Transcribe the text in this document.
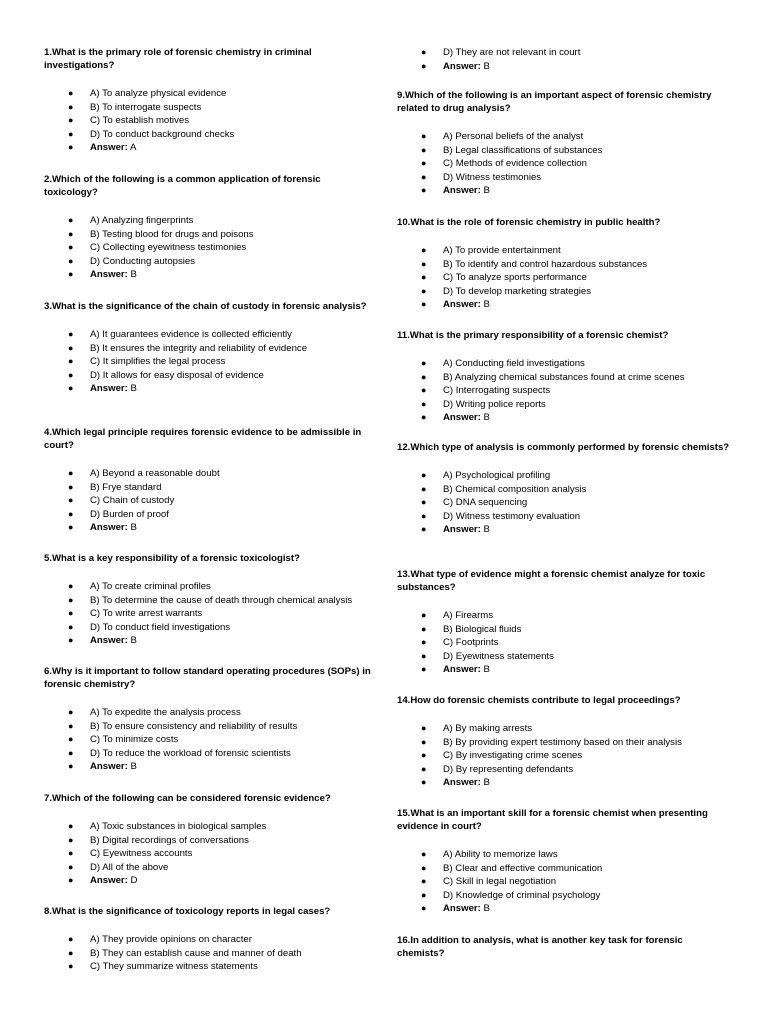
1.What is the primary role of forensic chemistry in criminal investigations?
● A) To analyze physical evidence
● B) To interrogate suspects
● C) To establish motives
● D) To conduct background checks
● Answer: A
2.Which of the following is a common application of forensic toxicology?
● A) Analyzing fingerprints
● B) Testing blood for drugs and poisons
● C) Collecting eyewitness testimonies
● D) Conducting autopsies
● Answer: B
3.What is the significance of the chain of custody in forensic analysis?
● A) It guarantees evidence is collected efficiently
● B) It ensures the integrity and reliability of evidence
● C) It simplifies the legal process
● D) It allows for easy disposal of evidence
● Answer: B
4.Which legal principle requires forensic evidence to be admissible in court?
● A) Beyond a reasonable doubt
● B) Frye standard
● C) Chain of custody
● D) Burden of proof
● Answer: B
5.What is a key responsibility of a forensic toxicologist?
● A) To create criminal profiles
● B) To determine the cause of death through chemical analysis
● C) To write arrest warrants
● D) To conduct field investigations
● Answer: B
6.Why is it important to follow standard operating procedures (SOPs) in forensic chemistry?
● A) To expedite the analysis process
● B) To ensure consistency and reliability of results
● C) To minimize costs
● D) To reduce the workload of forensic scientists
● Answer: B
7.Which of the following can be considered forensic evidence?
● A) Toxic substances in biological samples
● B) Digital recordings of conversations
● C) Eyewitness accounts
● D) All of the above
● Answer: D
8.What is the significance of toxicology reports in legal cases?
● A) They provide opinions on character
● B) They can establish cause and manner of death
● C) They summarize witness statements
● D) They are not relevant in court
● Answer: B
9.Which of the following is an important aspect of forensic chemistry related to drug analysis?
● A) Personal beliefs of the analyst
● B) Legal classifications of substances
● C) Methods of evidence collection
● D) Witness testimonies
● Answer: B
10.What is the role of forensic chemistry in public health?
● A) To provide entertainment
● B) To identify and control hazardous substances
● C) To analyze sports performance
● D) To develop marketing strategies
● Answer: B
11.What is the primary responsibility of a forensic chemist?
● A) Conducting field investigations
● B) Analyzing chemical substances found at crime scenes
● C) Interrogating suspects
● D) Writing police reports
● Answer: B
12.Which type of analysis is commonly performed by forensic chemists?
● A) Psychological profiling
● B) Chemical composition analysis
● C) DNA sequencing
● D) Witness testimony evaluation
● Answer: B
13.What type of evidence might a forensic chemist analyze for toxic substances?
● A) Firearms
● B) Biological fluids
● C) Footprints
● D) Eyewitness statements
● Answer: B
14.How do forensic chemists contribute to legal proceedings?
● A) By making arrests
● B) By providing expert testimony based on their analysis
● C) By investigating crime scenes
● D) By representing defendants
● Answer: B
15.What is an important skill for a forensic chemist when presenting evidence in court?
● A) Ability to memorize laws
● B) Clear and effective communication
● C) Skill in legal negotiation
● D) Knowledge of criminal psychology
● Answer: B
16.In addition to analysis, what is another key task for forensic chemists?
